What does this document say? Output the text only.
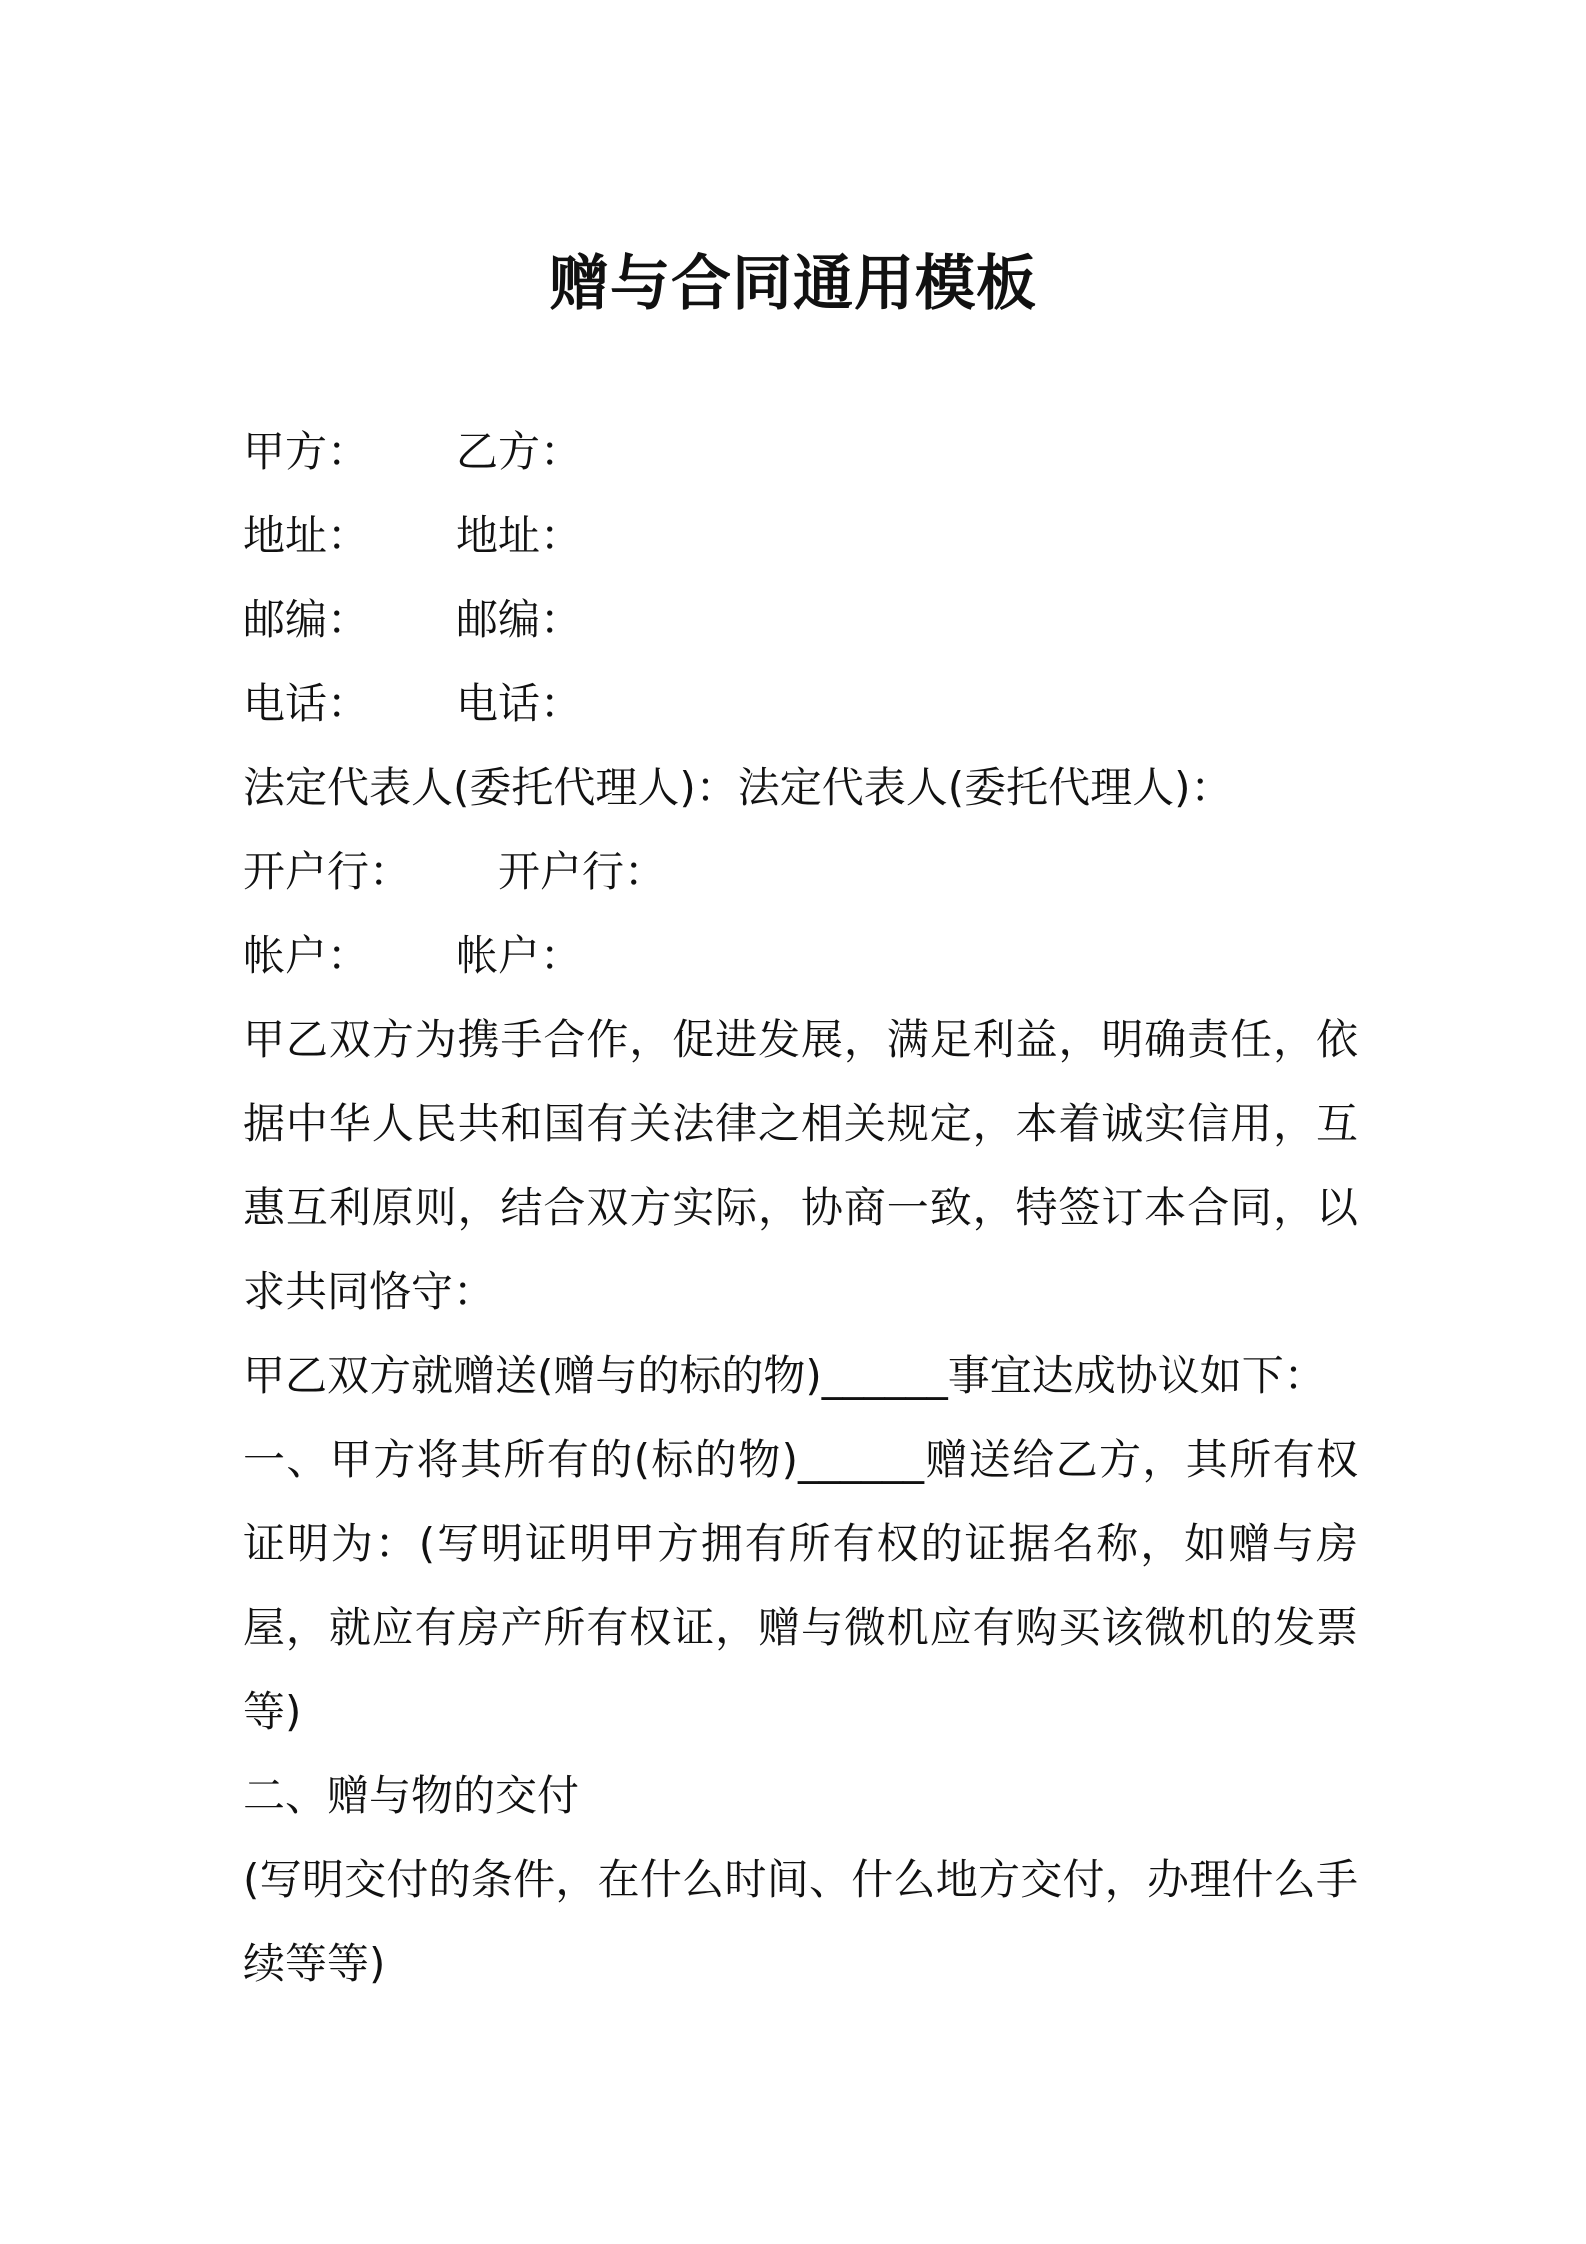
赠与合同通用模板
甲方： 乙方：
地址： 地址：
邮编： 邮编：
电话： 电话：
法定代表人(委托代理人)：法定代表人(委托代理人)：
开户行： 开户行：
帐户： 帐户：
甲乙双方为携手合作，促进发展，满足利益，明确责任，依据中华人民共和国有关法律之相关规定，本着诚实信用，互惠互利原则，结合双方实际，协商一致，特签订本合同，以求共同恪守：
甲乙双方就赠送(赠与的标的物)______事宜达成协议如下：
一、甲方将其所有的(标的物)______赠送给乙方，其所有权证明为：(写明证明甲方拥有所有权的证据名称，如赠与房屋，就应有房产所有权证，赠与微机应有购买该微机的发票等)
二、赠与物的交付
(写明交付的条件，在什么时间、什么地方交付，办理什么手续等等)
